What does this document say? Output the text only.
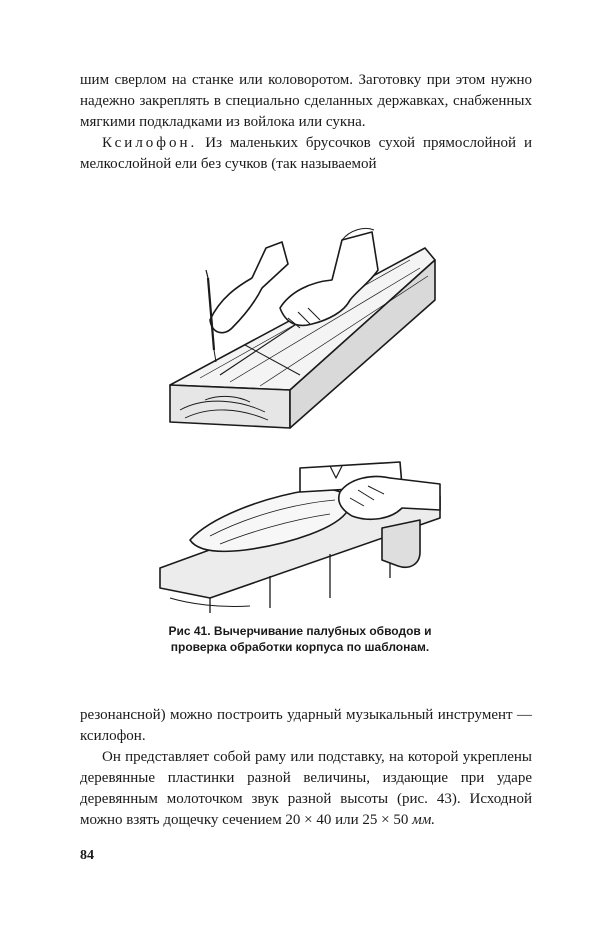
шим сверлом на станке или коловоротом. Заготовку при этом нужно надежно закреплять в специально сделанных державках, снабженных мягкими подкладками из войлока или сукна.

Ксилофон. Из маленьких брусочков сухой прямослойной и мелкослойной ели без сучков (так называемой

Рис 41. Вычерчивание палубных обводов и проверка обработки корпуса по шаблонам.

резонансной) можно построить ударный музыкальный инструмент — ксилофон.

Он представляет собой раму или подставку, на которой укреплены деревянные пластинки разной величины, издающие при ударе деревянным молоточком звук разной высоты (рис. 43). Исходной можно взять дощечку сечением 20 × 40 или 25 × 50 мм.

84
